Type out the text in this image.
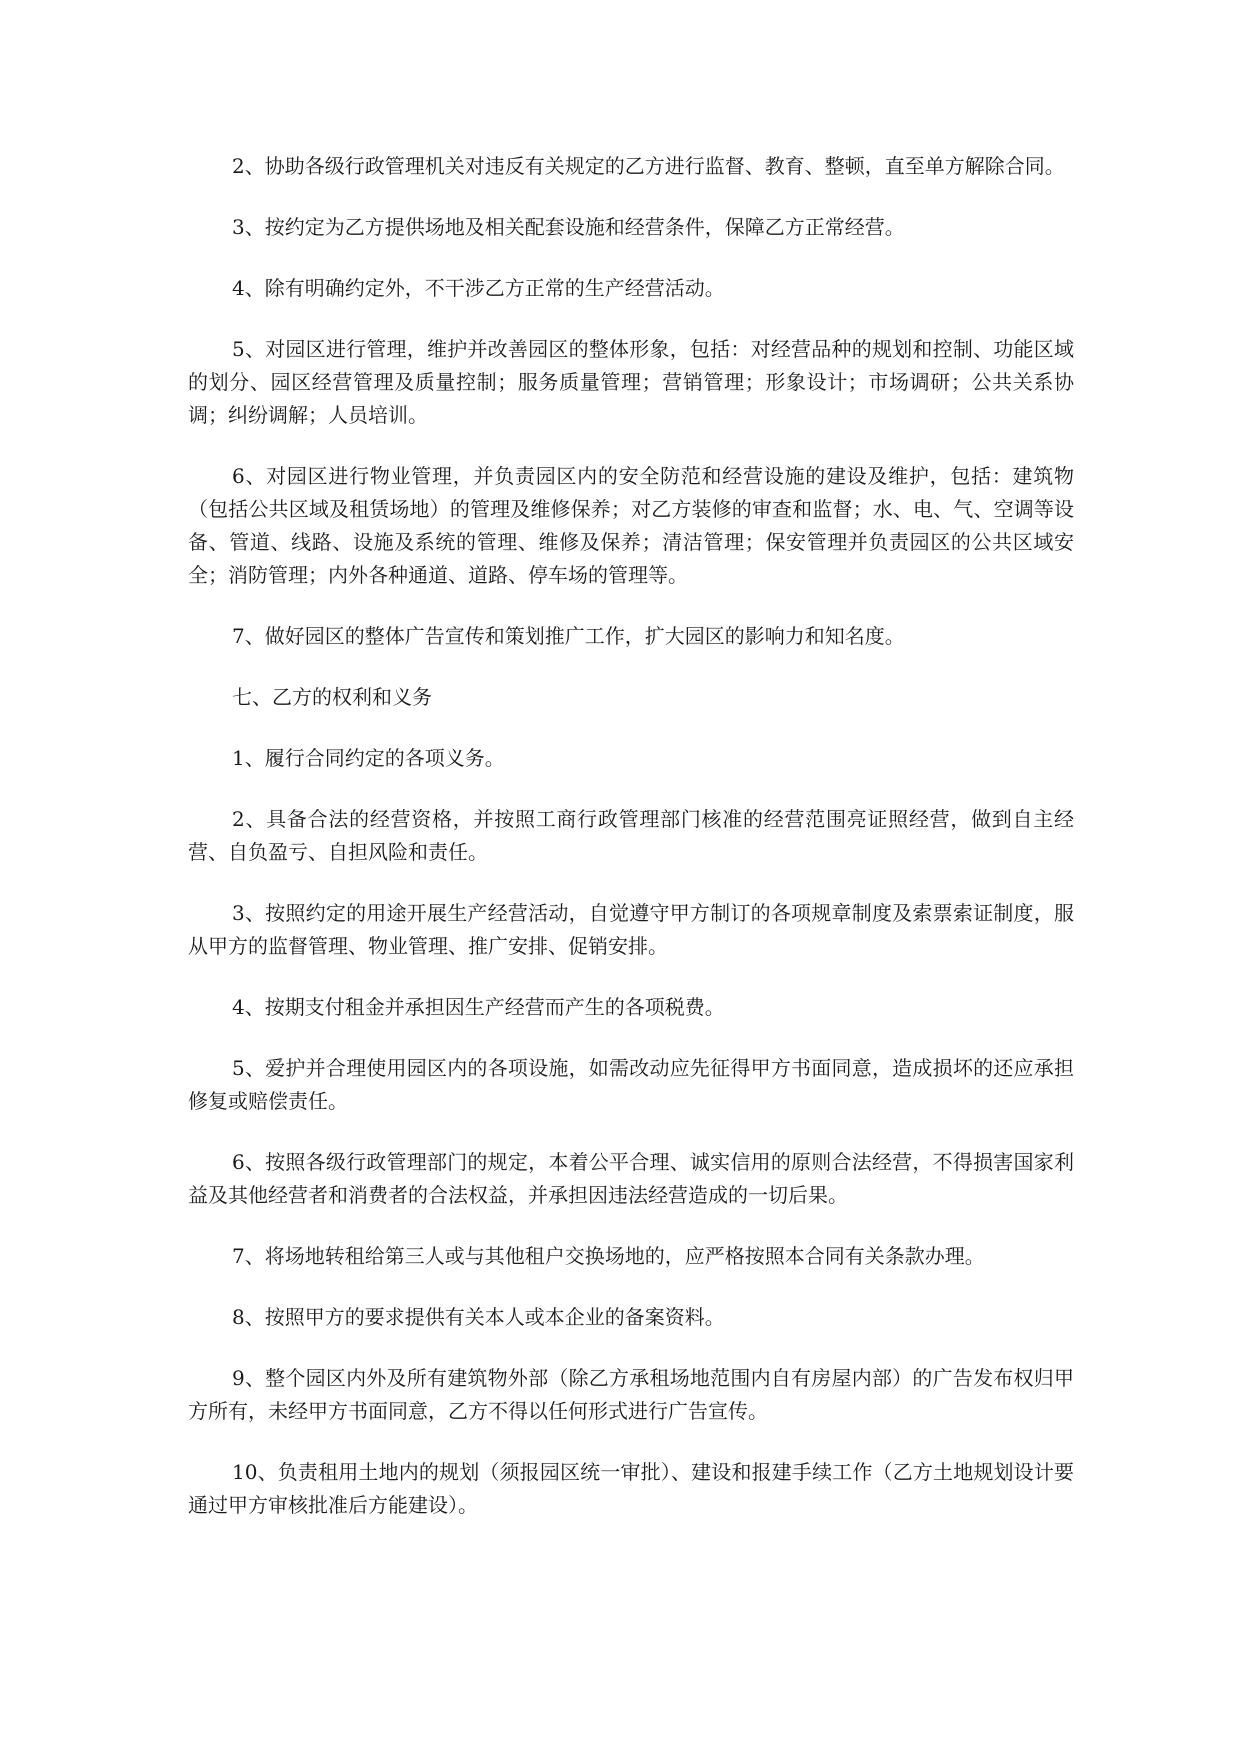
2、协助各级行政管理机关对违反有关规定的乙方进行监督、教育、整顿，直至单方解除合同。

3、按约定为乙方提供场地及相关配套设施和经营条件，保障乙方正常经营。

4、除有明确约定外，不干涉乙方正常的生产经营活动。

5、对园区进行管理，维护并改善园区的整体形象，包括：对经营品种的规划和控制、功能区域的划分、园区经营管理及质量控制；服务质量管理；营销管理；形象设计；市场调研；公共关系协调；纠纷调解；人员培训。

6、对园区进行物业管理，并负责园区内的安全防范和经营设施的建设及维护，包括：建筑物（包括公共区域及租赁场地）的管理及维修保养；对乙方装修的审查和监督；水、电、气、空调等设备、管道、线路、设施及系统的管理、维修及保养；清洁管理；保安管理并负责园区的公共区域安全；消防管理；内外各种通道、道路、停车场的管理等。

7、做好园区的整体广告宣传和策划推广工作，扩大园区的影响力和知名度。

七、乙方的权利和义务

1、履行合同约定的各项义务。

2、具备合法的经营资格，并按照工商行政管理部门核准的经营范围亮证照经营，做到自主经营、自负盈亏、自担风险和责任。

3、按照约定的用途开展生产经营活动，自觉遵守甲方制订的各项规章制度及索票索证制度，服从甲方的监督管理、物业管理、推广安排、促销安排。

4、按期支付租金并承担因生产经营而产生的各项税费。

5、爱护并合理使用园区内的各项设施，如需改动应先征得甲方书面同意，造成损坏的还应承担修复或赔偿责任。

6、按照各级行政管理部门的规定，本着公平合理、诚实信用的原则合法经营，不得损害国家利益及其他经营者和消费者的合法权益，并承担因违法经营造成的一切后果。

7、将场地转租给第三人或与其他租户交换场地的，应严格按照本合同有关条款办理。

8、按照甲方的要求提供有关本人或本企业的备案资料。

9、整个园区内外及所有建筑物外部（除乙方承租场地范围内自有房屋内部）的广告发布权归甲方所有，未经甲方书面同意，乙方不得以任何形式进行广告宣传。

10、负责租用土地内的规划（须报园区统一审批）、建设和报建手续工作（乙方土地规划设计要通过甲方审核批准后方能建设）。
